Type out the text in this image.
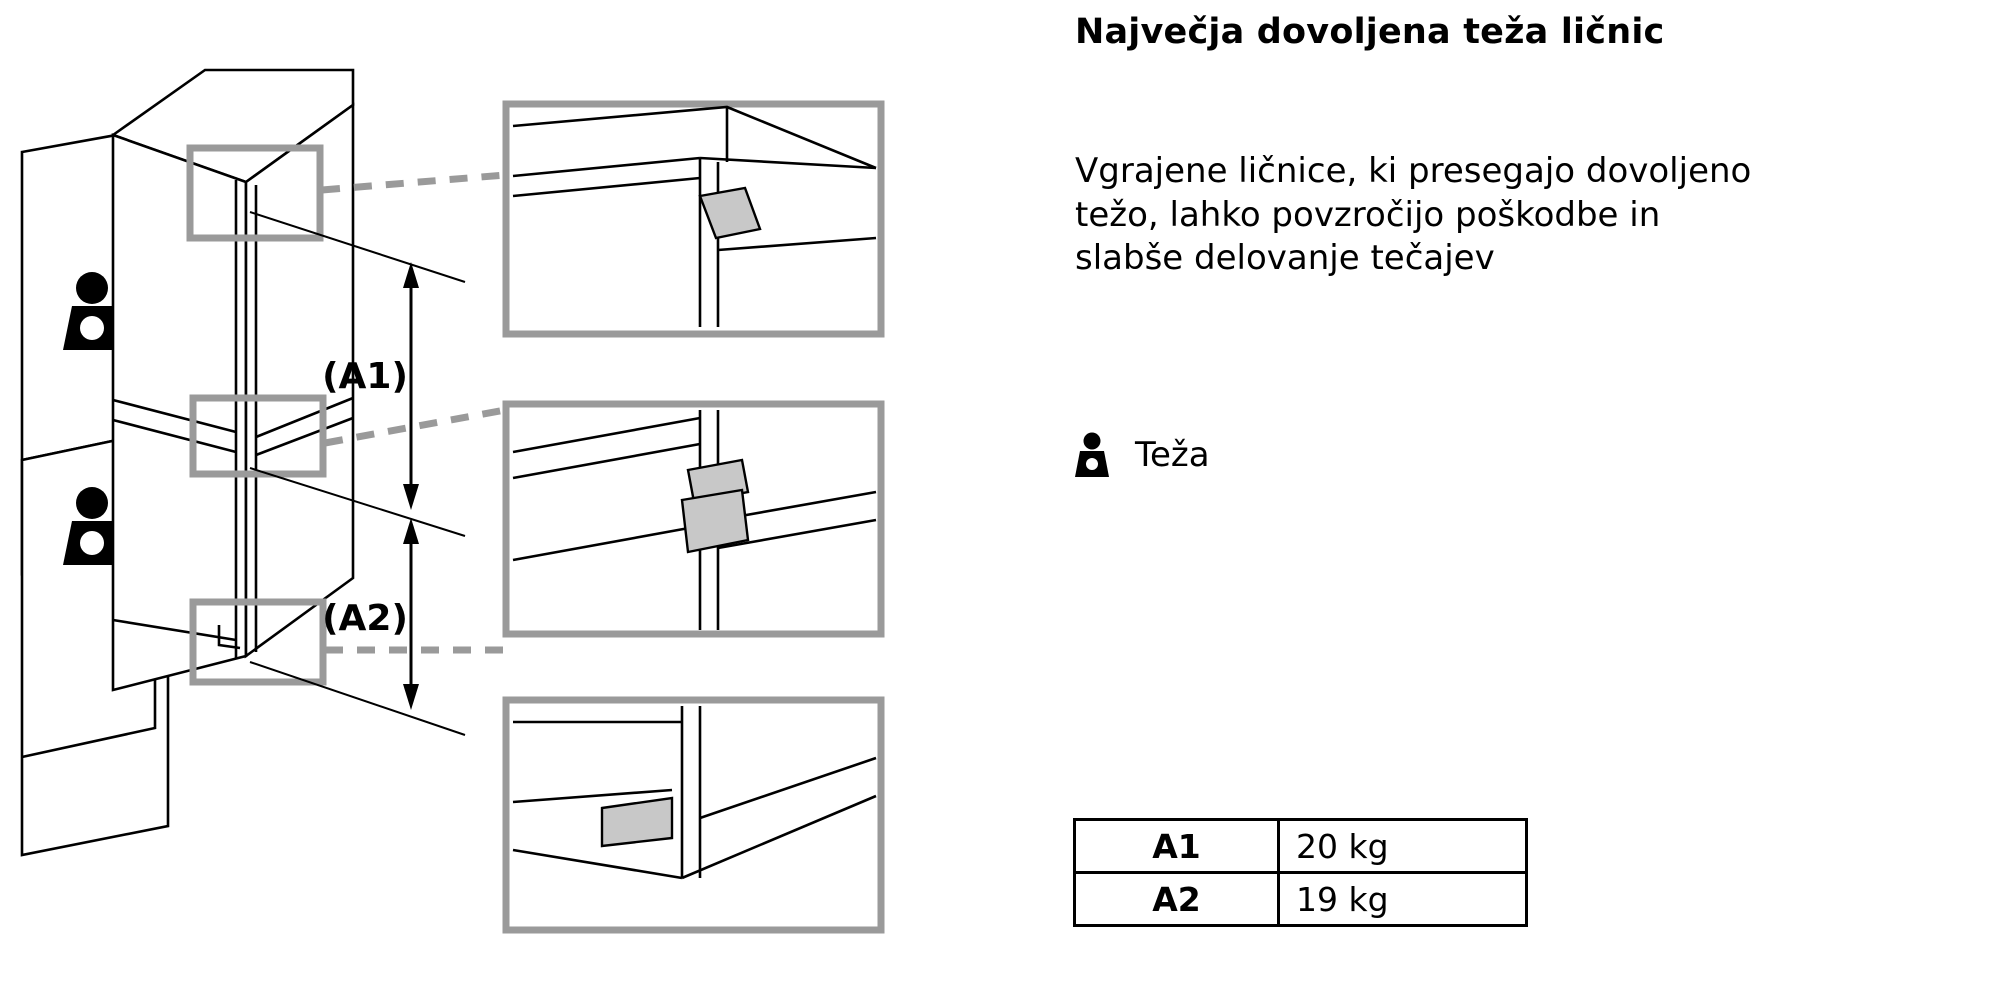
(A1)
(A2)
Največja dovoljena teža ličnic
Vgrajene ličnice, ki presegajo dovoljeno težo, lahko povzročijo poškodbe in slabše delovanje tečajev
Teža
A1	20 kg
A2	19 kg
